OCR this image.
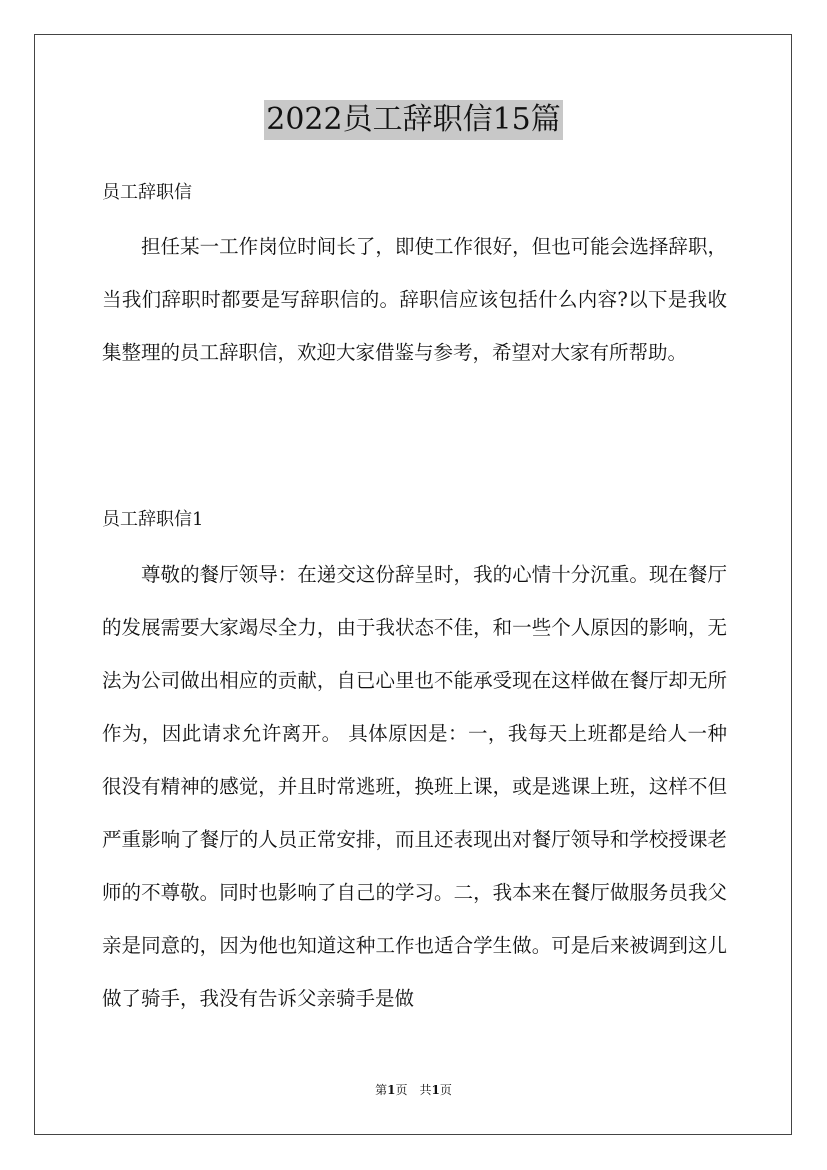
2022员工辞职信15篇
员工辞职信

担任某一工作岗位时间长了，即使工作很好，但也可能会选择辞职，当我们辞职时都要是写辞职信的。辞职信应该包括什么内容?以下是我收集整理的员工辞职信，欢迎大家借鉴与参考，希望对大家有所帮助。

员工辞职信1

尊敬的餐厅领导：在递交这份辞呈时，我的心情十分沉重。现在餐厅的发展需要大家竭尽全力，由于我状态不佳，和一些个人原因的影响，无法为公司做出相应的贡献，自已心里也不能承受现在这样做在餐厅却无所作为，因此请求允许离开。 具体原因是：一，我每天上班都是给人一种很没有精神的感觉，并且时常逃班，换班上课，或是逃课上班，这样不但严重影响了餐厅的人员正常安排，而且还表现出对餐厅领导和学校授课老师的不尊敬。同时也影响了自己的学习。二，我本来在餐厅做服务员我父亲是同意的，因为他也知道这种工作也适合学生做。可是后来被调到这儿做了骑手，我没有告诉父亲骑手是做

第1页　共1页
